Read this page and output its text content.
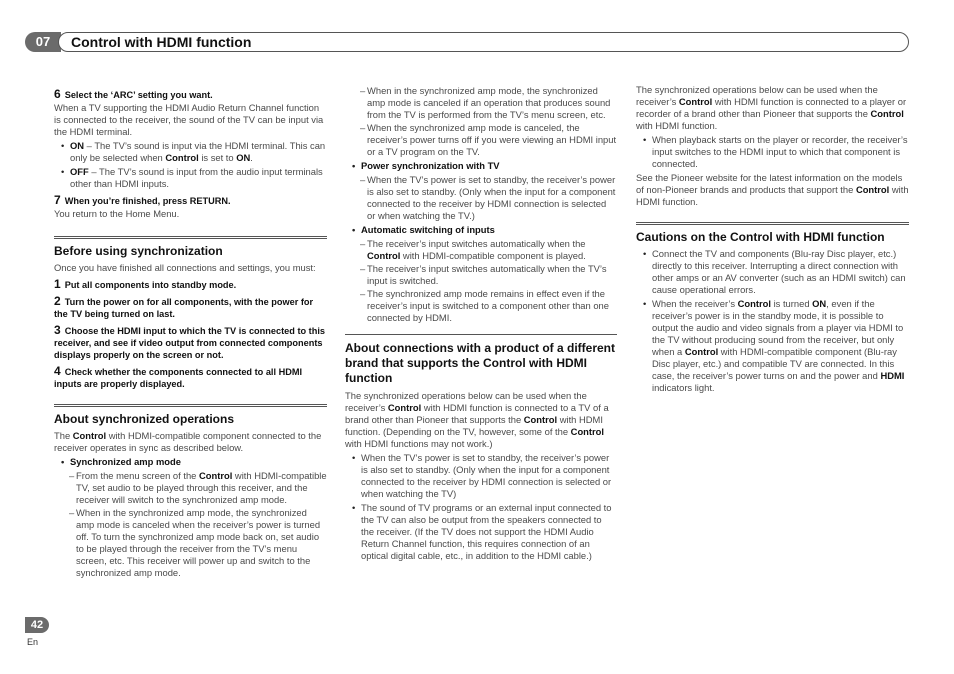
07	Control with HDMI function
6 Select the ‘ARC’ setting you want.

When a TV supporting the HDMI Audio Return Channel function is connected to the receiver, the sound of the TV can be input via the HDMI terminal.

• ON – The TV’s sound is input via the HDMI terminal. This can only be selected when Control is set to ON.
• OFF – The TV’s sound is input from the audio input terminals other than HDMI inputs.
7 When you’re finished, press RETURN.

You return to the Home Menu.

Before using synchronization

Once you have finished all connections and settings, you must:

1 Put all components into standby mode.
2 Turn the power on for all components, with the power for the TV being turned on last.
3 Choose the HDMI input to which the TV is connected to this receiver, and see if video output from connected components displays properly on the screen or not.
4 Check whether the components connected to all HDMI inputs are properly displayed.
About synchronized operations

The Control with HDMI-compatible component connected to the receiver operates in sync as described below.

• Synchronized amp mode
– From the menu screen of the Control with HDMI-compatible TV, set audio to be played through this receiver, and the receiver will switch to the synchronized amp mode.
– When in the synchronized amp mode, the synchronized amp mode is canceled when the receiver’s power is turned off. To turn the synchronized amp mode back on, set audio to be played through the receiver from the TV’s menu screen, etc. This receiver will power up and switch to the synchronized amp mode.
– When in the synchronized amp mode, the synchronized amp mode is canceled if an operation that produces sound from the TV is performed from the TV’s menu screen, etc.
– When the synchronized amp mode is canceled, the receiver’s power turns off if you were viewing an HDMI input or a TV program on the TV.
• Power synchronization with TV
– When the TV’s power is set to standby, the receiver’s power is also set to standby. (Only when the input for a component connected to the receiver by HDMI connection is selected or when watching the TV.)
• Automatic switching of inputs
– The receiver’s input switches automatically when the Control with HDMI-compatible component is played.
– The receiver’s input switches automatically when the TV’s input is switched.
– The synchronized amp mode remains in effect even if the receiver’s input is switched to a component other than one connected by HDMI.
About connections with a product of a different brand that supports the Control with HDMI function

The synchronized operations below can be used when the receiver’s Control with HDMI function is connected to a TV of a brand other than Pioneer that supports the Control with HDMI function. (Depending on the TV, however, some of the Control with HDMI functions may not work.)

• When the TV’s power is set to standby, the receiver’s power is also set to standby. (Only when the input for a component connected to the receiver by HDMI connection is selected or when watching the TV)
• The sound of TV programs or an external input connected to the TV can also be output from the speakers connected to the receiver. (If the TV does not support the HDMI Audio Return Channel function, this requires connection of an optical digital cable, etc., in addition to the HDMI cable.)

The synchronized operations below can be used when the receiver’s Control with HDMI function is connected to a player or recorder of a brand other than Pioneer that supports the Control with HDMI function.

• When playback starts on the player or recorder, the receiver’s input switches to the HDMI input to which that component is connected.

See the Pioneer website for the latest information on the models of non-Pioneer brands and products that support the Control with HDMI function.

Cautions on the Control with HDMI function
• Connect the TV and components (Blu-ray Disc player, etc.) directly to this receiver. Interrupting a direct connection with other amps or an AV converter (such as an HDMI switch) can cause operational errors.
• When the receiver’s Control is turned ON, even if the receiver’s power is in the standby mode, it is possible to output the audio and video signals from a player via HDMI to the TV without producing sound from the receiver, but only when a Control with HDMI-compatible component (Blu-ray Disc player, etc.) and compatible TV are connected. In this case, the receiver’s power turns on and the power and HDMI indicators light.
42
En
